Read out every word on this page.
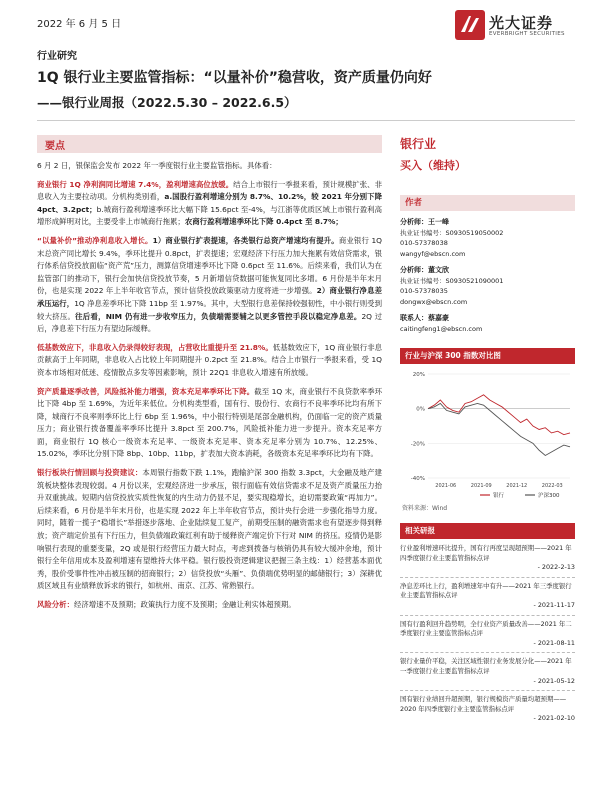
2022 年 6 月 5 日	光大证券
EVERBRIGHT SECURITIES
行业研究
1Q 银行业主要监管指标：“以量补价”稳营收，资产质量仍向好
——银行业周报（2022.5.30 – 2022.6.5）
要点

6 月 2 日，银保监会发布 2022 年一季度银行业主要监管指标。具体看：

商业银行 1Q 净利润同比增速 7.4%，盈利增速高位放缓。结合上市银行一季报来看，预计规模扩张、非息收入为主要拉动项。分机构类别看，a.国股行盈利增速分别为 8.7%、10.2%，较 2021 年分别下降 4pct、3.2pct；b.城商行盈利增速季环比大幅下降 15.6pct 至-4%，与江浙等优质区域上市银行盈利高增形成鲜明对比，主要受非上市城商行拖累；农商行盈利增速季环比下降 0.4pct 至 8.7%；

“以量补价”推动净利息收入增长。1）商业银行扩表提速，各类银行总资产增速均有提升。商业银行 1Q 末总资产同比增长 9.4%，季环比提升 0.8pct，扩表提速；宏观经济下行压力加大拖累有效信贷需求，银行体系信贷投放面临“资产荒”压力，测算信贷增速季环比下降 0.6pct 至 11.6%。后续来看，我们认为在监管部门的推动下，银行会加快信贷投放节奏，5 月新增信贷数据可能恢复同比多增。6 月份是半年末月份，也是实现 2022 年上半年收官节点，预计信贷投放政策驱动力度将进一步增强。2）商业银行净息差承压运行，1Q 净息差季环比下降 11bp 至 1.97%。其中，大型银行息差保持较强韧性，中小银行则受到较大挤压。往后看，NIM 仍有进一步收窄压力，负债端需要辅之以更多管控手段以稳定净息差。2Q 过后，净息差下行压力有望边际缓释。

低基数效应下，非息收入仍录得较好表现，占营收比重提升至 21.8%。低基数效应下，1Q 商业银行非息贡献高于上年同期，非息收入占比较上年同期提升 0.2pct 至 21.8%。结合上市银行一季报来看，受 1Q 资本市场相对低迷、疫情散点多发等因素影响，预计 22Q1 非息收入增速有所放缓。

资产质量逐季改善，风险抵补能力增强，资本充足率季环比下降。截至 1Q 末，商业银行不良贷款率季环比下降 4bp 至 1.69%，为近年来低位。分机构类型看，国有行、股份行、农商行不良率季环比均有所下降，城商行不良率则季环比上行 6bp 至 1.96%，中小银行特别是尾部金融机构，仍面临一定的资产质量压力；商业银行拨备覆盖率季环比提升 3.8pct 至 200.7%，风险抵补能力进一步提升。资本充足率方面，商业银行 1Q 核心一级资本充足率、一级资本充足率、资本充足率分别为 10.7%、12.25%、15.02%，季环比分别下降 8bp、10bp、11bp，扩表加大资本消耗，各级资本充足率季环比均有下降。

银行板块行情回顾与投资建议：本周银行指数下跌 1.1%，跑输沪深 300 指数 3.3pct，大金融及地产建筑板块整体表现较弱。4 月份以来，宏观经济进一步承压，银行面临有效信贷需求不足及资产质量压力抬升双重挑战。短期内信贷投放实质性恢复的内生动力仍显不足，要实现稳增长，迫切需要政策“再加力”。后续来看，6 月份是半年末月份，也是实现 2022 年上半年收官节点，预计央行会进一步强化指导力度。同时，随着一揽子“稳增长”举措逐步落地、企业陆续复工复产，前期受压制的融资需求也有望逐步得到释放；资产端定价虽有下行压力，但负债端政策红利有助于缓释资产端定价下行对 NIM 的挤压。疫情仍是影响银行表现的重要变量，2Q 或是银行经营压力最大时点，考虑到拨备与核销仍具有较大缓冲余地，预计银行全年信用成本及盈利增速有望维持大体平稳。银行股投资逻辑建议把握三条主线：1）经营基本面优秀，股价受事件性冲击被压制的招商银行；2）信贷投放“头雁”、负债端优势明显的邮储银行；3）深耕优质区域且有业绩释放诉求的银行，如杭州、南京、江苏、常熟银行。

风险分析：经济增速不及预期；政策执行力度不及预期；金融让利实体超预期。

银行业
买入（维持）
作者
分析师：王一峰
执业证书编号：S0930519050002
010-57378038
wangyf@ebscn.com
分析师：董文欣
执业证书编号：S0930521090001
010-57378035
dongwx@ebscn.com
联系人：蔡嘉豪
caitingfeng1@ebscn.com
行业与沪深 300 指数对比图
20%
0%
-20%
-40%
2021-06	2021-09	2021-12	2022-03
银行	沪深300
资料来源：Wind
相关研报
行业盈利增速环比提升，国有行再度呈现超预期——2021 年四季度银行业主要监管指标点评
- 2022-2-13
净息差环比上行，盈利增速年中有升——2021 年三季度银行业主要监管指标点评
- 2021-11-17
国有行盈利回升趋势明，全行业资产质量改善——2021 年二季度银行业主要监管指标点评
- 2021-08-11
银行业量价平稳，关注区域性银行业务发展分化——2021 年一季度银行业主要监管指标点评
- 2021-05-12
国有银行业绩回升超预期，银行规模资产质量均超预期——2020 年四季度银行业主要监管指标点评
- 2021-02-10
